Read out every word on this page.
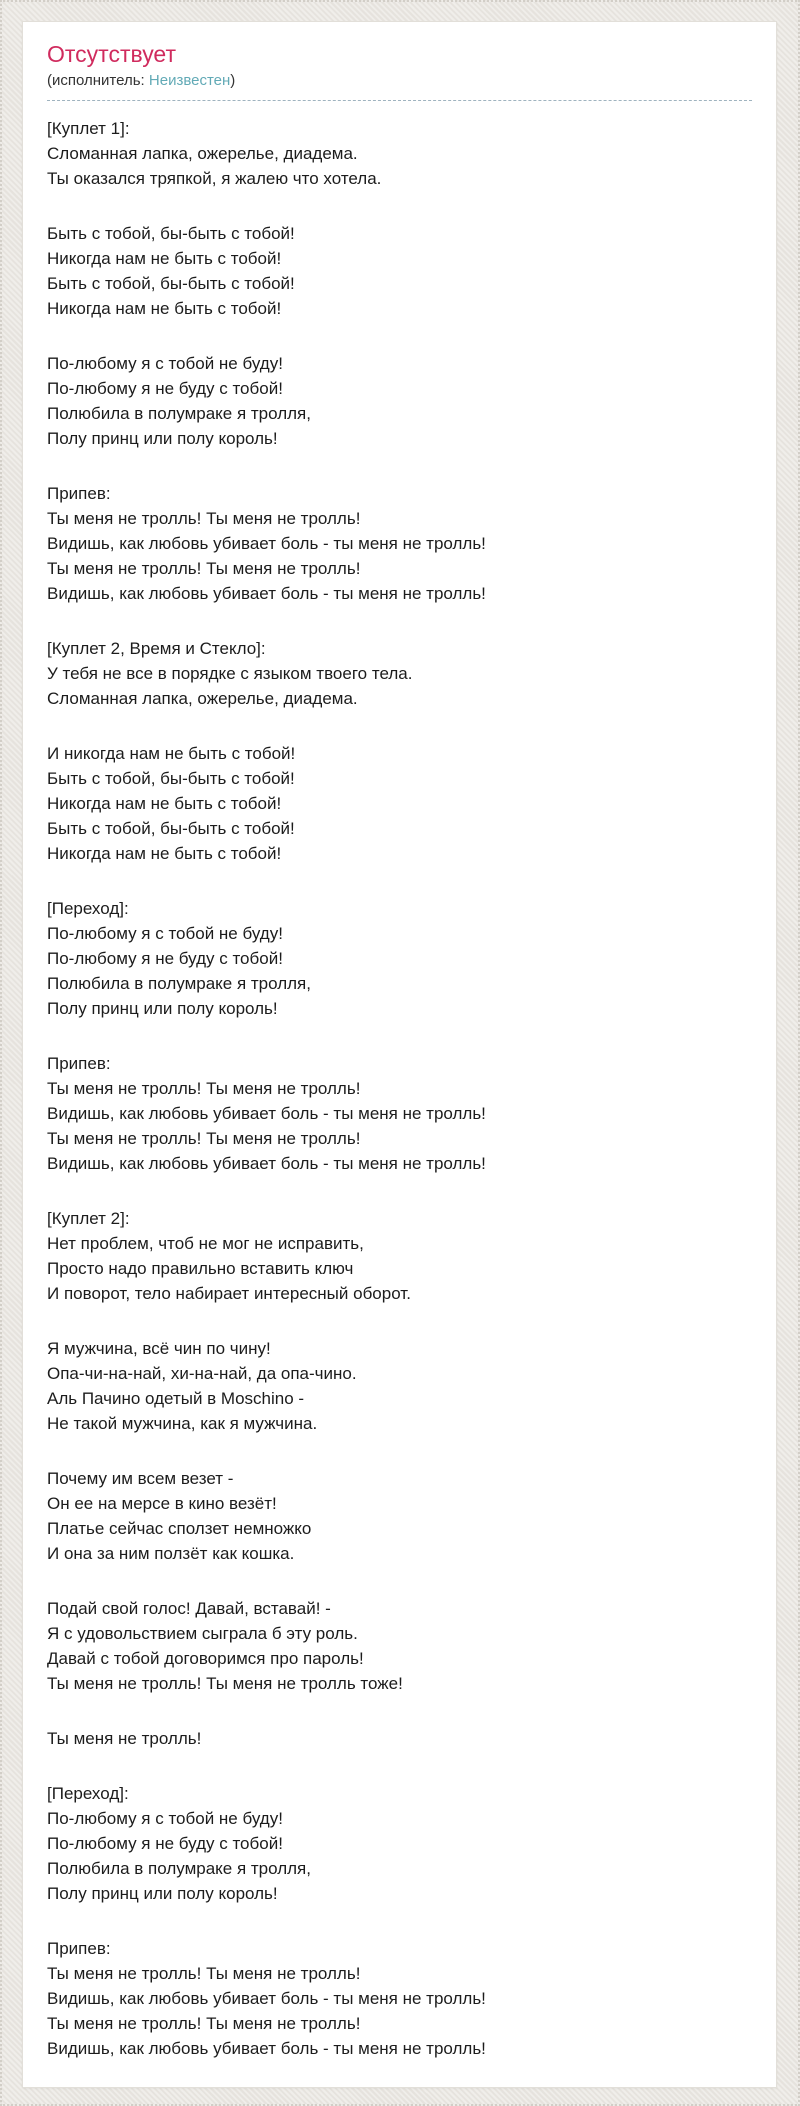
Отсутствует

(исполнитель: Неизвестен)

[Куплет 1]:
Сломанная лапка, ожерелье, диадема.
Ты оказался тряпкой, я жалею что хотела.

Быть с тобой, бы-быть с тобой!
Никогда нам не быть с тобой!
Быть с тобой, бы-быть с тобой!
Никогда нам не быть с тобой!

По-любому я с тобой не буду!
По-любому я не буду с тобой!
Полюбила в полумраке я тролля,
Полу принц или полу король!

Припев:
Ты меня не тролль! Ты меня не тролль!
Видишь, как любовь убивает боль - ты меня не тролль!
Ты меня не тролль! Ты меня не тролль!
Видишь, как любовь убивает боль - ты меня не тролль!

[Куплет 2, Время и Стекло]:
У тебя не все в порядке с языком твоего тела.
Сломанная лапка, ожерелье, диадема.

И никогда нам не быть с тобой!
Быть с тобой, бы-быть с тобой!
Никогда нам не быть с тобой!
Быть с тобой, бы-быть с тобой!
Никогда нам не быть с тобой!

[Переход]:
По-любому я с тобой не буду!
По-любому я не буду с тобой!
Полюбила в полумраке я тролля,
Полу принц или полу король!

Припев:
Ты меня не тролль! Ты меня не тролль!
Видишь, как любовь убивает боль - ты меня не тролль!
Ты меня не тролль! Ты меня не тролль!
Видишь, как любовь убивает боль - ты меня не тролль!

[Куплет 2]:
Нет проблем, чтоб не мог не исправить,
Просто надо правильно вставить ключ
И поворот, тело набирает интересный оборот.

Я мужчина, всё чин по чину!
Опа-чи-на-най, хи-на-най, да опа-чино.
Аль Пачино одетый в Moschino -
Не такой мужчина, как я мужчина.

Почему им всем везет -
Он ее на мерсе в кино везёт!
Платье сейчас сползет немножко
И она за ним ползёт как кошка.

Подай свой голос! Давай, вставай! -
Я с удовольствием сыграла б эту роль.
Давай с тобой договоримся про пароль!
Ты меня не тролль! Ты меня не тролль тоже!

Ты меня не тролль!

[Переход]:
По-любому я с тобой не буду!
По-любому я не буду с тобой!
Полюбила в полумраке я тролля,
Полу принц или полу король!

Припев:
Ты меня не тролль! Ты меня не тролль!
Видишь, как любовь убивает боль - ты меня не тролль!
Ты меня не тролль! Ты меня не тролль!
Видишь, как любовь убивает боль - ты меня не тролль!
